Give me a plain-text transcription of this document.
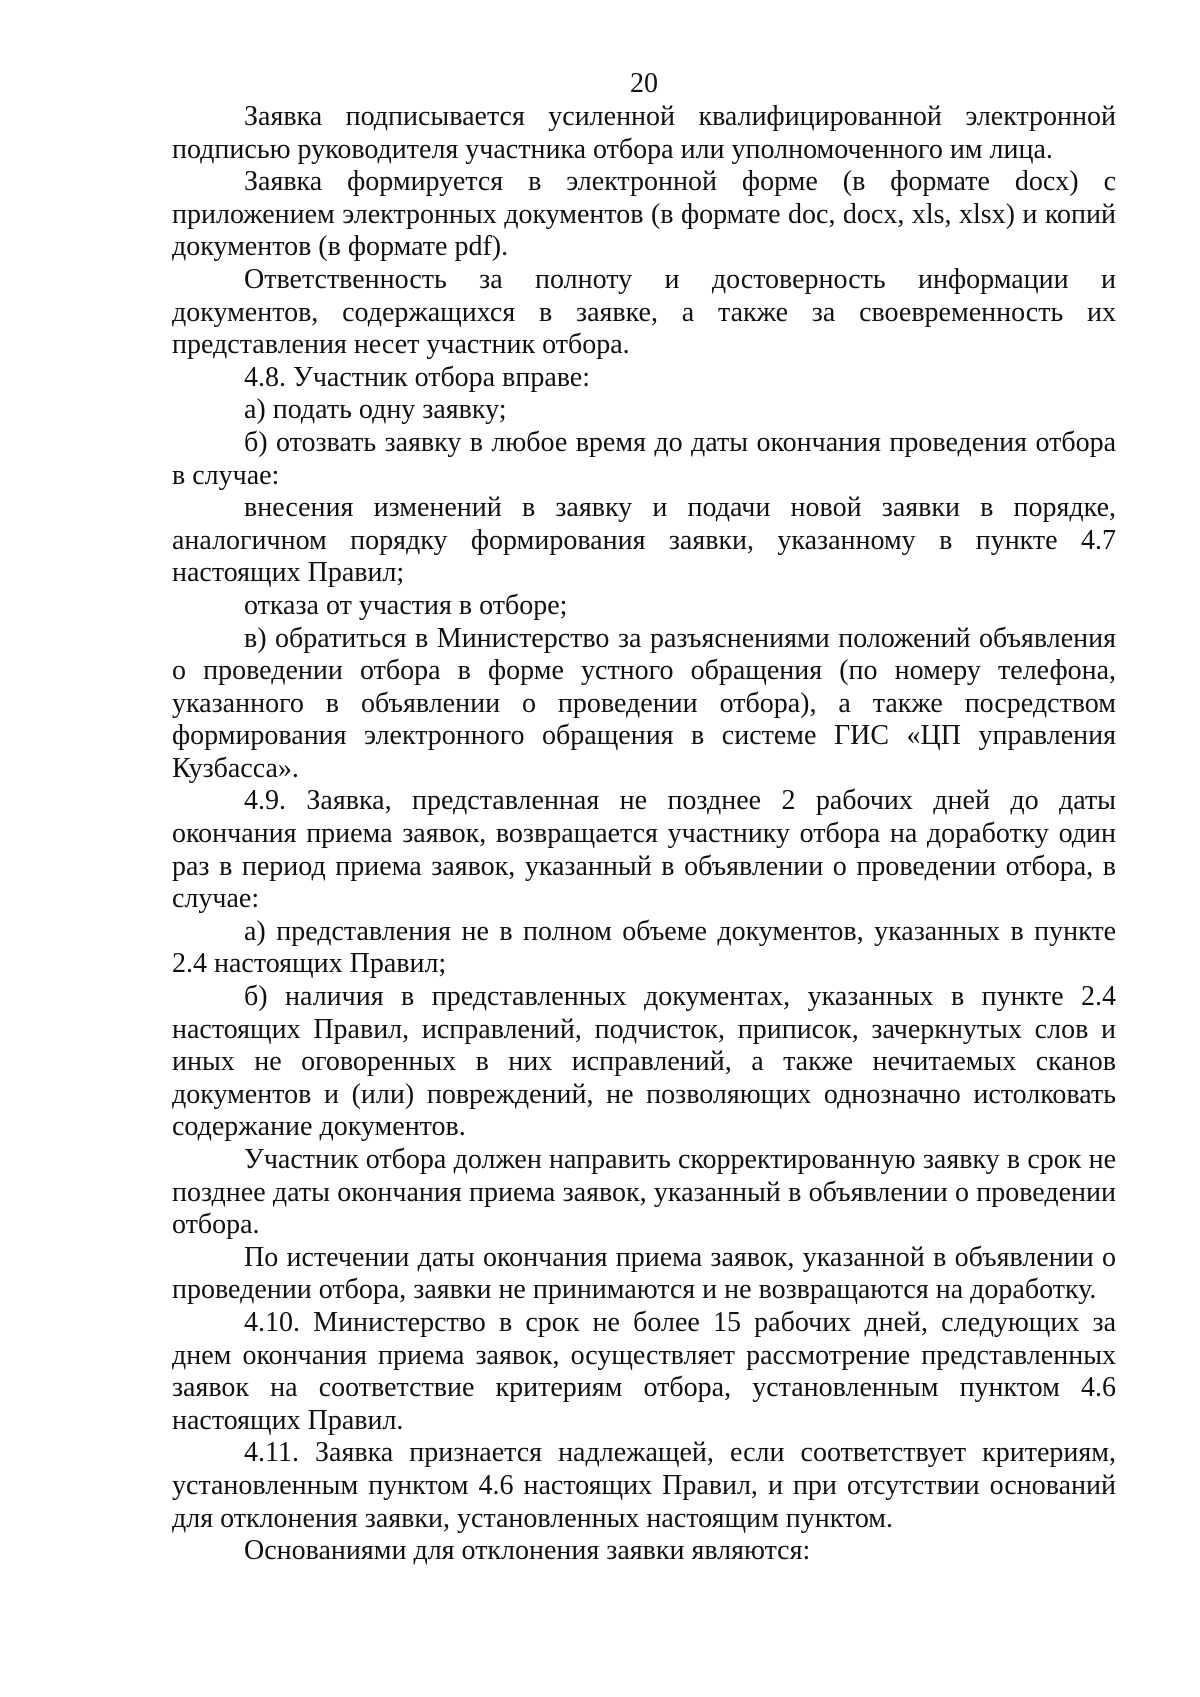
20

Заявка подписывается усиленной квалифицированной электронной подписью руководителя участника отбора или уполномоченного им лица.

Заявка формируется в электронной форме (в формате docx) с приложением электронных документов (в формате doc, docx, xls, xlsx) и копий документов (в формате pdf).

Ответственность за полноту и достоверность информации и документов, содержащихся в заявке, а также за своевременность их представления несет участник отбора.

4.8. Участник отбора вправе:

а) подать одну заявку;

б) отозвать заявку в любое время до даты окончания проведения отбора в случае:

внесения изменений в заявку и подачи новой заявки в порядке, аналогичном порядку формирования заявки, указанному в пункте 4.7 настоящих Правил;

отказа от участия в отборе;

в) обратиться в Министерство за разъяснениями положений объявления о проведении отбора в форме устного обращения (по номеру телефона, указанного в объявлении о проведении отбора), а также посредством формирования электронного обращения в системе ГИС «ЦП управления Кузбасса».

4.9. Заявка, представленная не позднее 2 рабочих дней до даты окончания приема заявок, возвращается участнику отбора на доработку один раз в период приема заявок, указанный в объявлении о проведении отбора, в случае:

а) представления не в полном объеме документов, указанных в пункте 2.4 настоящих Правил;

б) наличия в представленных документах, указанных в пункте 2.4 настоящих Правил, исправлений, подчисток, приписок, зачеркнутых слов и иных не оговоренных в них исправлений, а также нечитаемых сканов документов и (или) повреждений, не позволяющих однозначно истолковать содержание документов.

Участник отбора должен направить скорректированную заявку в срок не позднее даты окончания приема заявок, указанный в объявлении о проведении отбора.

По истечении даты окончания приема заявок, указанной в объявлении о проведении отбора, заявки не принимаются и не возвращаются на доработку.

4.10. Министерство в срок не более 15 рабочих дней, следующих за днем окончания приема заявок, осуществляет рассмотрение представленных заявок на соответствие критериям отбора, установленным пунктом 4.6 настоящих Правил.

4.11. Заявка признается надлежащей, если соответствует критериям, установленным пунктом 4.6 настоящих Правил, и при отсутствии оснований для отклонения заявки, установленных настоящим пунктом.

Основаниями для отклонения заявки являются:
